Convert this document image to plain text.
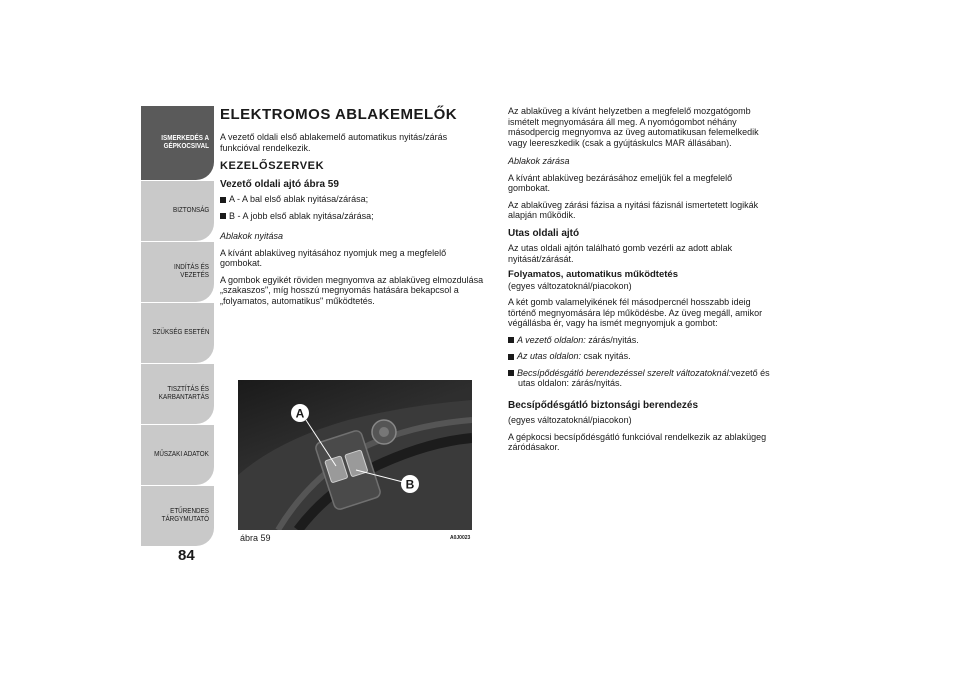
ISMERKEDÉS A GÉPKOCSIVAL
BIZTONSÁG
INDÍTÁS ÉS VEZETÉS
SZÜKSÉG ESETÉN
TISZTÍTÁS ÉS KARBANTARTÁS
MŰSZAKI ADATOK
ETŰRENDES TÁRGYMUTATÓ
84
ELEKTROMOS ABLAKEMELŐK

A vezető oldali első ablakemelő automatikus nyitás/zárás funkcióval rendelkezik.

KEZELŐSZERVEK
Vezető oldali ajtó ábra 59

A - A bal első ablak nyitása/zárása;

B - A jobb első ablak nyitása/zárása;

Ablakok nyitása

A kívánt ablaküveg nyitásához nyomjuk meg a megfelelő gombokat.

A gombok egyikét röviden megnyomva az ablaküveg elmozdulása „szakaszos", míg hosszú megnyomás hatására bekapcsol a „folyamatos, automatikus" működtetés.

A
B
ábra 59	A0J0023

Az ablaküveg a kívánt helyzetben a megfelelő mozgatógomb ismételt megnyomására áll meg. A nyomógombot néhány másodpercig megnyomva az üveg automatikusan felemelkedik vagy leereszkedik (csak a gyújtáskulcs MAR állásában).

Ablakok zárása

A kívánt ablaküveg bezárásához emeljük fel a megfelelő gombokat.

Az ablaküveg zárási fázisa a nyitási fázisnál ismertetett logikák alapján működik.

Utas oldali ajtó

Az utas oldali ajtón található gomb vezérli az adott ablak nyitását/zárását.

Folyamatos, automatikus működtetés

(egyes változatoknál/piacokon)

A két gomb valamelyikének fél másodpercnél hosszabb ideig történő megnyomására lép működésbe. Az üveg megáll, amikor végállásba ér, vagy ha ismét megnyomjuk a gombot:

A vezető oldalon: zárás/nyitás.

Az utas oldalon: csak nyitás.

Becsípődésgátló berendezéssel szerelt változatoknál:vezető és utas oldalon: zárás/nyitás.

Becsípődésgátló biztonsági berendezés

(egyes változatoknál/piacokon)

A gépkocsi becsípődésgátló funkcióval rendelkezik az ablakügeg záródásakor.
